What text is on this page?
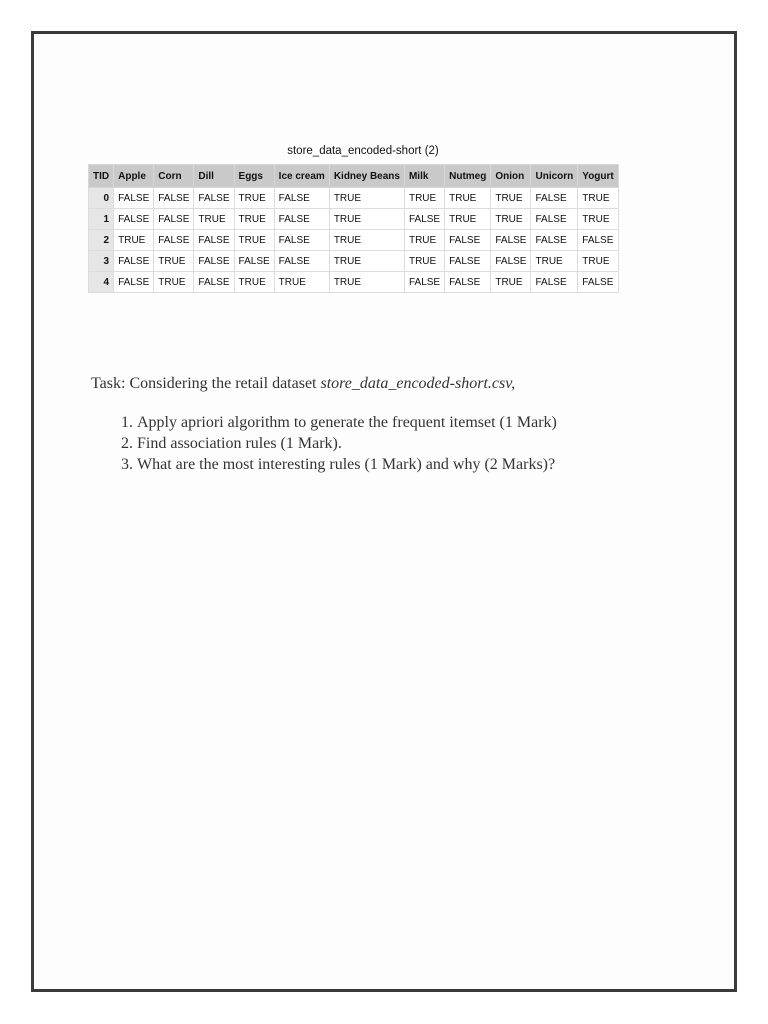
store_data_encoded-short (2)
TID	Apple	Corn	Dill	Eggs	Ice cream	Kidney Beans	Milk	Nutmeg	Onion	Unicorn	Yogurt
0	FALSE	FALSE	FALSE	TRUE	FALSE	TRUE	TRUE	TRUE	TRUE	FALSE	TRUE
1	FALSE	FALSE	TRUE	TRUE	FALSE	TRUE	FALSE	TRUE	TRUE	FALSE	TRUE
2	TRUE	FALSE	FALSE	TRUE	FALSE	TRUE	TRUE	FALSE	FALSE	FALSE	FALSE
3	FALSE	TRUE	FALSE	FALSE	FALSE	TRUE	TRUE	FALSE	FALSE	TRUE	TRUE
4	FALSE	TRUE	FALSE	TRUE	TRUE	TRUE	FALSE	FALSE	TRUE	FALSE	FALSE
Task: Considering the retail dataset store_data_encoded-short.csv,
1. Apply apriori algorithm to generate the frequent itemset (1 Mark)
2. Find association rules (1 Mark).
3. What are the most interesting rules (1 Mark) and why (2 Marks)?
